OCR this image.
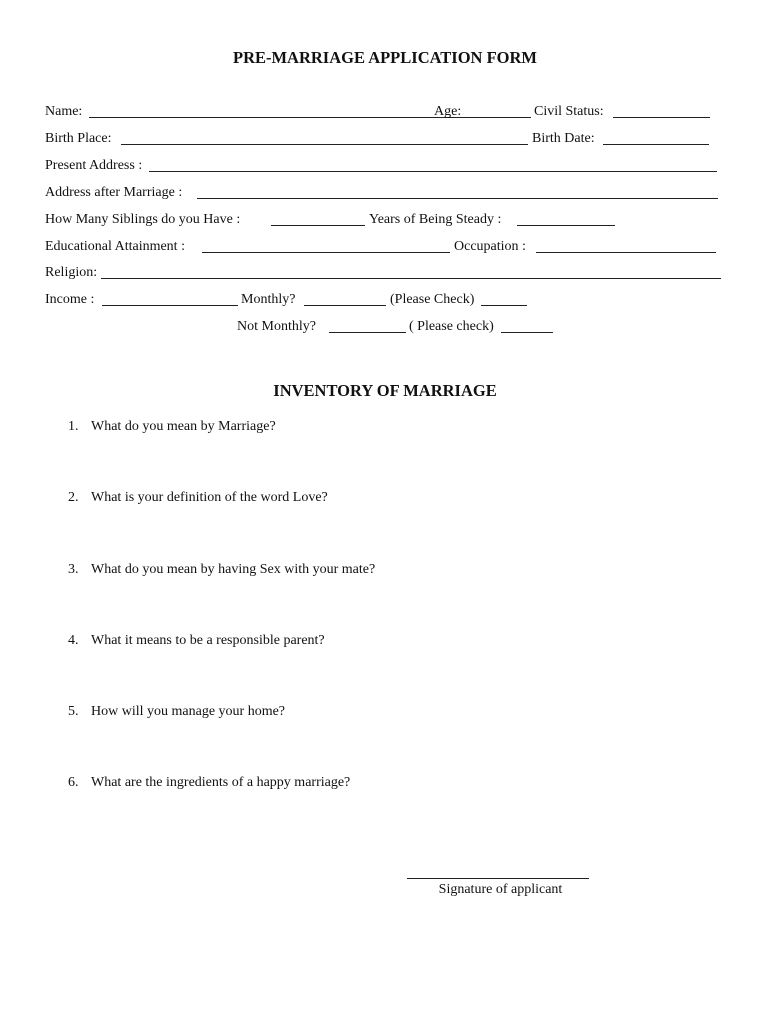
PRE-MARRIAGE APPLICATION FORM
Name:	Age:	Civil Status:
Birth Place:	Birth Date:
Present Address :
Address after Marriage :
How Many Siblings do you Have :	Years of Being Steady :
Educational Attainment :	Occupation :
Religion:
Income :	Monthly?	(Please Check)
Not Monthly?	( Please check)
INVENTORY OF MARRIAGE
1. What do you mean by Marriage?
2. What is your definition of the word Love?
3. What do you mean by having Sex with your mate?
4. What it means to be a responsible parent?
5. How will you manage your home?
6. What are the ingredients of a happy marriage?
Signature of applicant
